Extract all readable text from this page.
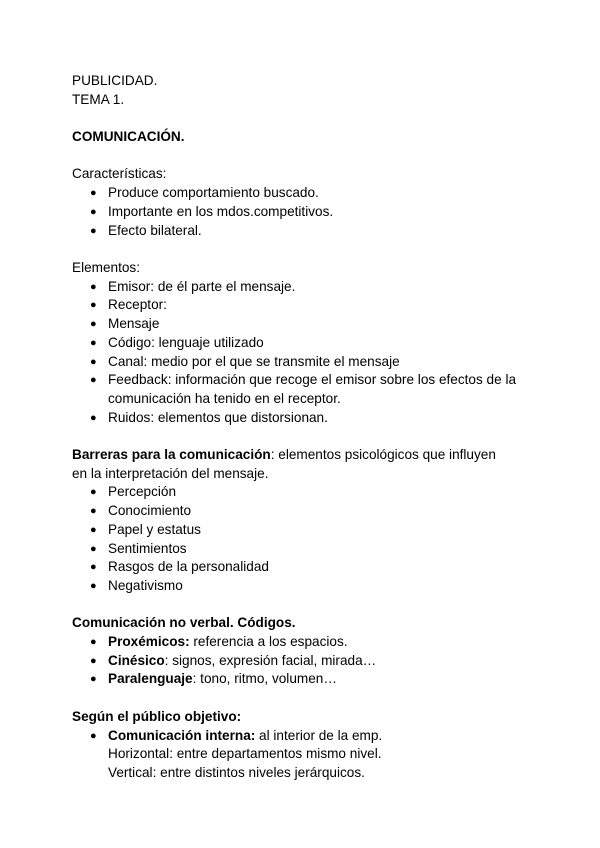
PUBLICIDAD.

TEMA 1.

COMUNICACIÓN.

Características:

● Produce comportamiento buscado.
● Importante en los mdos.competitivos.
● Efecto bilateral.

Elementos:

● Emisor: de él parte el mensaje.
● Receptor:
● Mensaje
● Código: lenguaje utilizado
● Canal: medio por el que se transmite el mensaje
● Feedback: información que recoge el emisor sobre los efectos de la comunicación ha tenido en el receptor.
● Ruidos: elementos que distorsionan.

Barreras para la comunicación: elementos psicológicos que influyen

en la interpretación del mensaje.

● Percepción
● Conocimiento
● Papel y estatus
● Sentimientos
● Rasgos de la personalidad
● Negativismo

Comunicación no verbal. Códigos.

● Proxémicos: referencia a los espacios.
● Cinésico: signos, expresión facial, mirada…
● Paralenguaje: tono, ritmo, volumen…

Según el público objetivo:

● Comunicación interna: al interior de la emp.

Horizontal: entre departamentos mismo nivel.

Vertical: entre distintos niveles jerárquicos.
